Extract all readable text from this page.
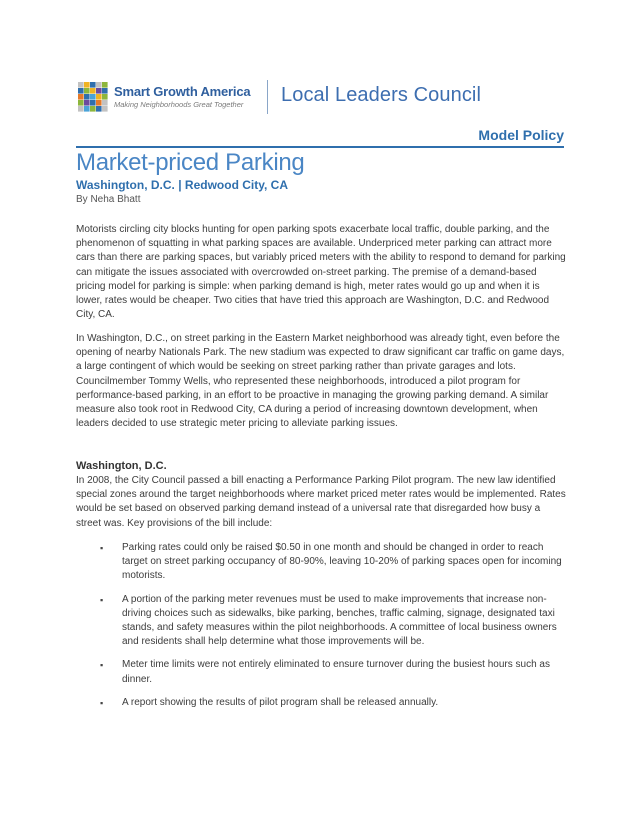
Smart Growth America
Making Neighborhoods Great Together Local Leaders Council
Model Policy
Market-priced Parking
Washington, D.C. | Redwood City, CA
By Neha Bhatt
Motorists circling city blocks hunting for open parking spots exacerbate local traffic, double parking, and the phenomenon of squatting in what parking spaces are available. Underpriced meter parking can attract more cars than there are parking spaces, but variably priced meters with the ability to respond to demand for parking can mitigate the issues associated with overcrowded on-street parking. The premise of a demand-based pricing model for parking is simple: when parking demand is high, meter rates would go up and when it is lower, rates would be cheaper. Two cities that have tried this approach are Washington, D.C. and Redwood City, CA.
In Washington, D.C., on street parking in the Eastern Market neighborhood was already tight, even before the opening of nearby Nationals Park. The new stadium was expected to draw significant car traffic on game days, a large contingent of which would be seeking on street parking rather than private garages and lots. Councilmember Tommy Wells, who represented these neighborhoods, introduced a pilot program for performance-based parking, in an effort to be proactive in managing the growing parking demand. A similar measure also took root in Redwood City, CA during a period of increasing downtown development, when leaders decided to use strategic meter pricing to alleviate parking issues.
Washington, D.C.
In 2008, the City Council passed a bill enacting a Performance Parking Pilot program. The new law identified special zones around the target neighborhoods where market priced meter rates would be implemented. Rates would be set based on observed parking demand instead of a universal rate that disregarded how busy a street was. Key provisions of the bill include:
▪ Parking rates could only be raised $0.50 in one month and should be changed in order to reach target on street parking occupancy of 80-90%, leaving 10-20% of parking spaces open for incoming motorists.
▪ A portion of the parking meter revenues must be used to make improvements that increase non-driving choices such as sidewalks, bike parking, benches, traffic calming, signage, designated taxi stands, and safety measures within the pilot neighborhoods. A committee of local business owners and residents shall help determine what those improvements will be.
▪ Meter time limits were not entirely eliminated to ensure turnover during the busiest hours such as dinner.
▪ A report showing the results of pilot program shall be released annually.
